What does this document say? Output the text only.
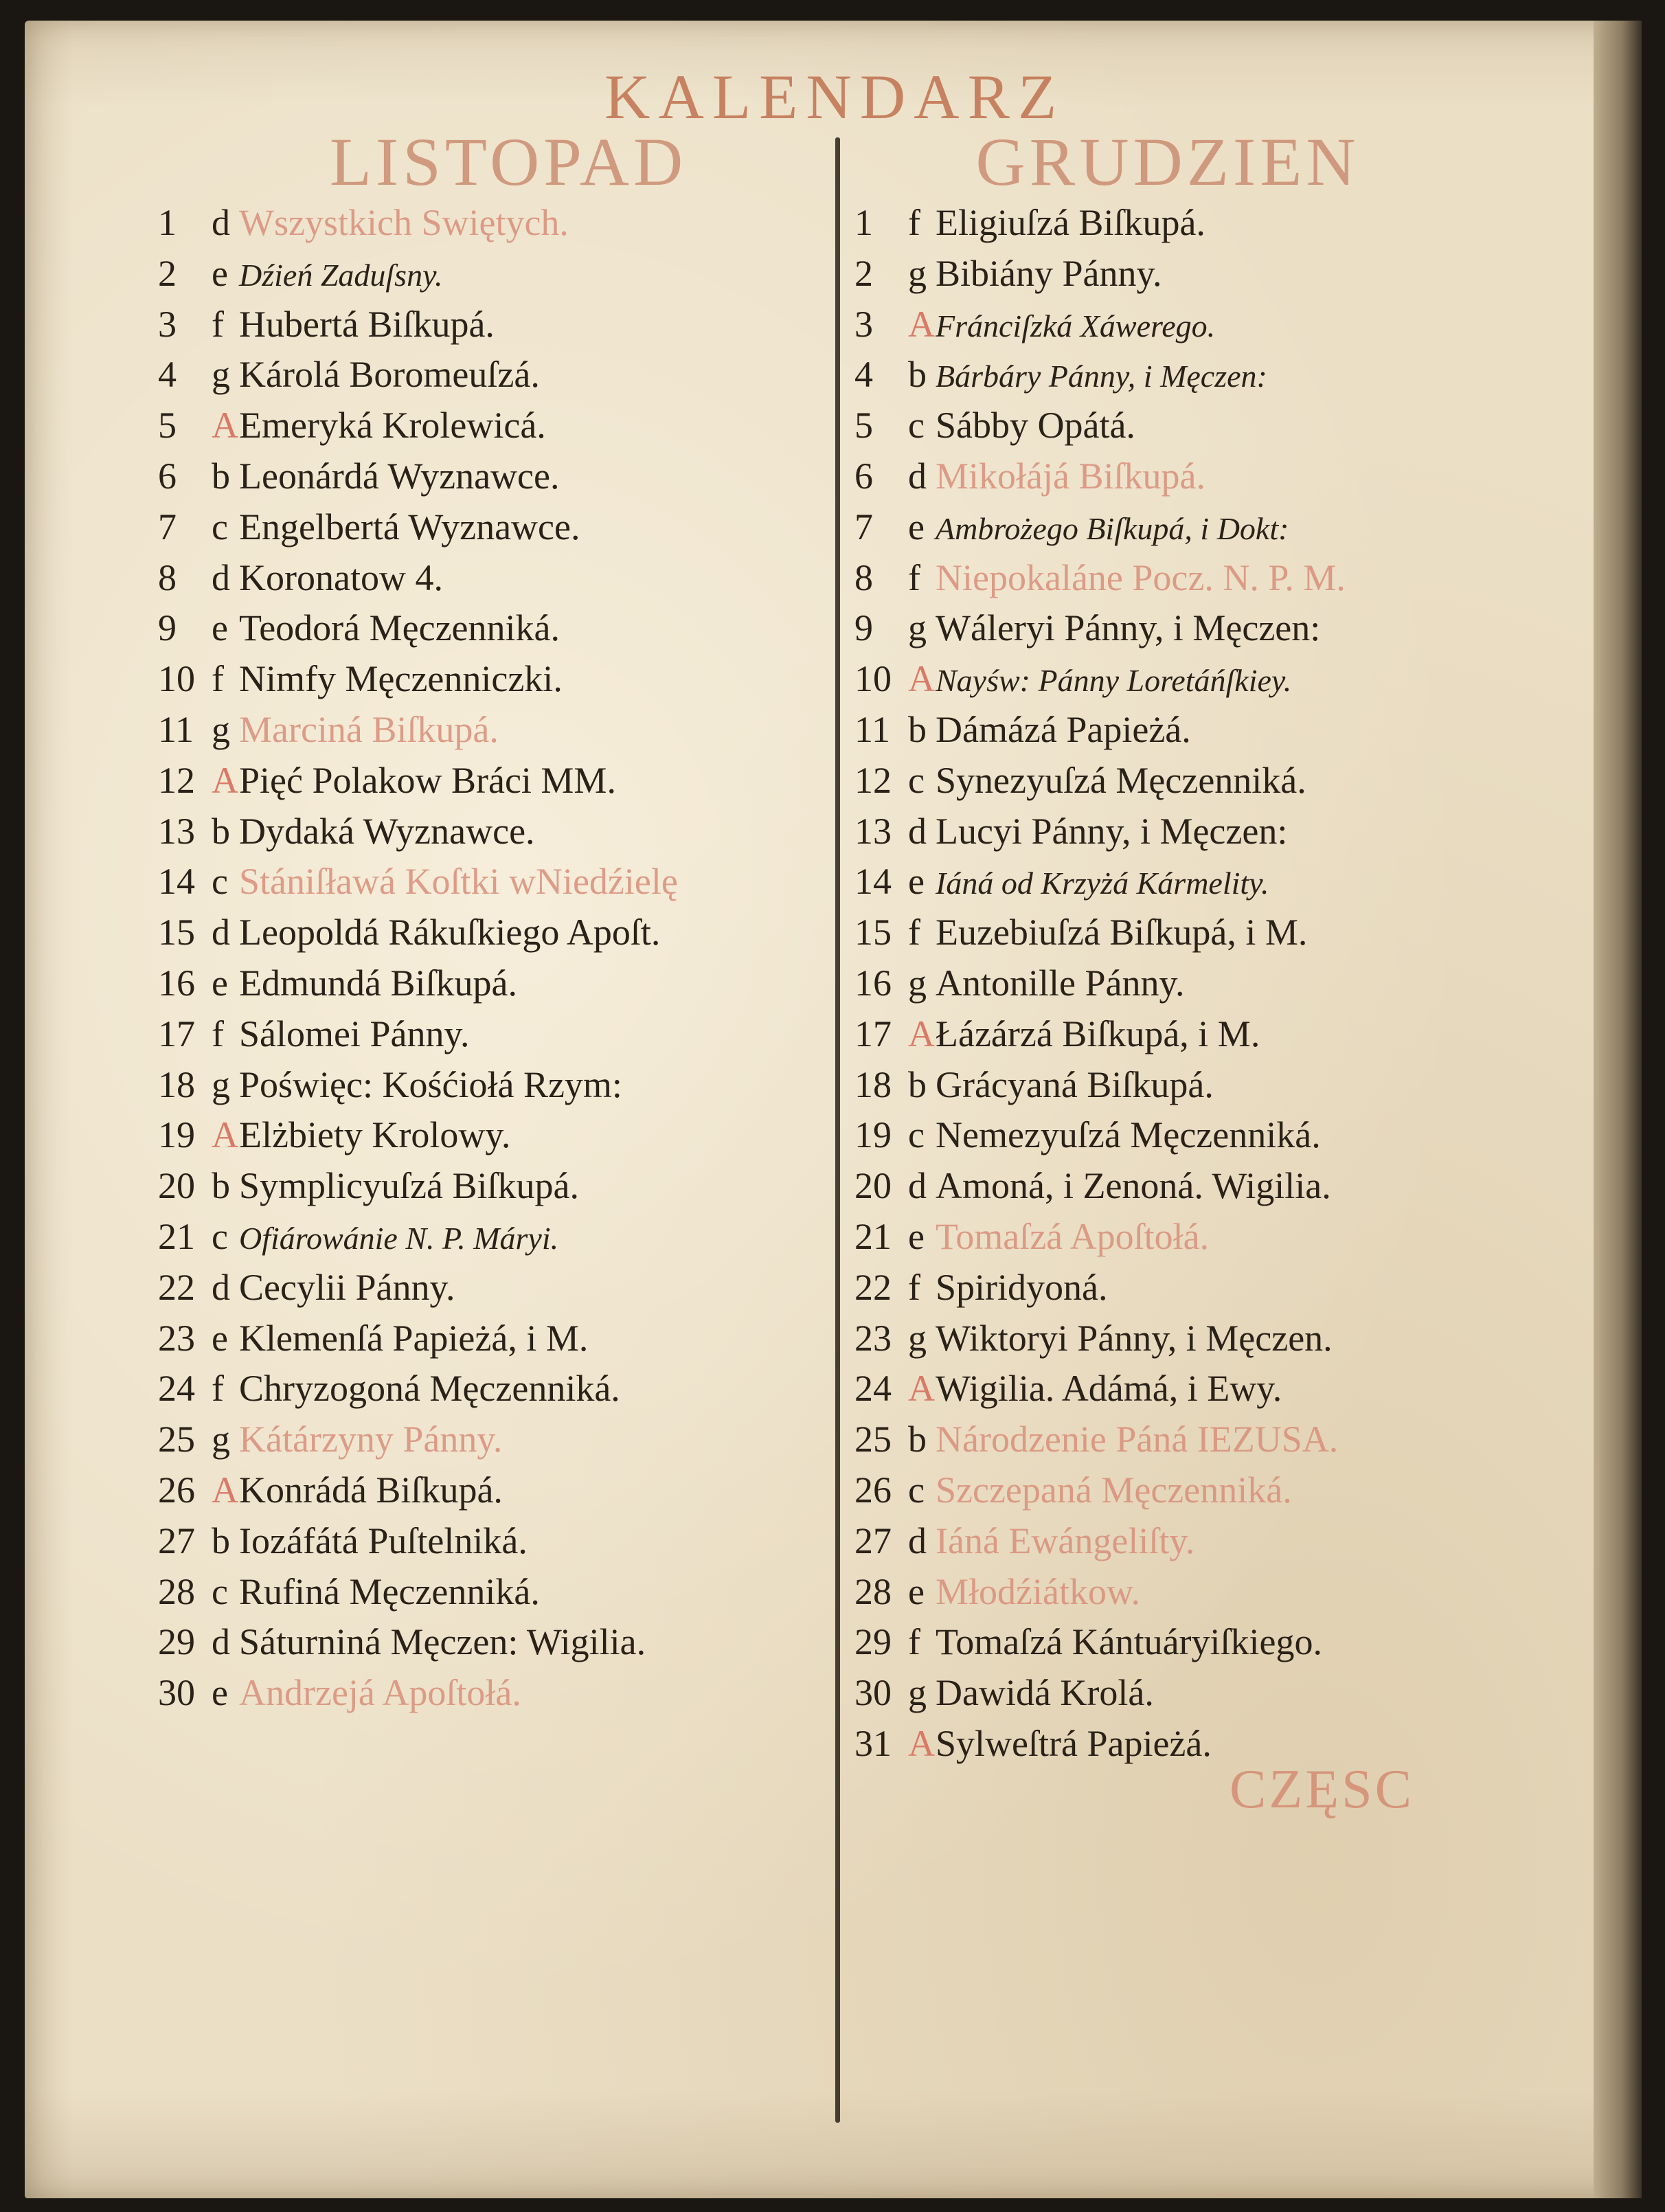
KALENDARZ
LISTOPAD	GRUDZIEN
1 d Wszystkich Swiętych.
2 e Dźień Zaduſsny.
3 f Hubertá Biſkupá.
4 g Károlá Boromeuſzá.
5 AEmeryká Krolewicá.
6 b Leonárdá Wyznawce.
7 c Engelbertá Wyznawce.
8 d Koronatow 4.
9 e Teodorá Męczenniká.
10 f Nimfy Męczenniczki.
11 g Marciná Biſkupá.
12 APięć Polakow Bráci MM.
13 b Dydaká Wyznawce.
14 c Stániſławá Koſtki wNiedźielę
15 d Leopoldá Rákuſkiego Apoſt.
16 e Edmundá Biſkupá.
17 f Sálomei Pánny.
18 g Poświęc: Kośćiołá Rzym:
19 AElżbiety Krolowy.
20 b Symplicyuſzá Biſkupá.
21 c Ofiárowánie N. P. Máryi.
22 d Cecylii Pánny.
23 e Klemenſá Papieżá, i M.
24 f Chryzogoná Męczenniká.
25 g Kátárzyny Pánny.
26 AKonrádá Biſkupá.
27 b Iozáfátá Puſtelniká.
28 c Rufiná Męczenniká.
29 d Sáturniná Męczen: Wigilia.
30 e Andrzejá Apoſtołá.
1 f Eligiuſzá Biſkupá.
2 g Bibiány Pánny.
3 AFránciſzká Xáwerego.
4 b Bárbáry Pánny, i Męczen:
5 c Sábby Opátá.
6 d Mikołájá Biſkupá.
7 e Ambrożego Biſkupá, i Dokt:
8 f Niepokaláne Pocz. N. P. M.
9 g Wáleryi Pánny, i Męczen:
10 ANayśw: Pánny Loretáńſkiey.
11 b Dámázá Papieżá.
12 c Synezyuſzá Męczenniká.
13 d Lucyi Pánny, i Męczen:
14 e Iáná od Krzyżá Kármelity.
15 f Euzebiuſzá Biſkupá, i M.
16 g Antonille Pánny.
17 AŁázárzá Biſkupá, i M.
18 b Grácyaná Biſkupá.
19 c Nemezyuſzá Męczenniká.
20 d Amoná, i Zenoná. Wigilia.
21 e Tomaſzá Apoſtołá.
22 f Spiridyoná.
23 g Wiktoryi Pánny, i Męczen.
24 AWigilia. Adámá, i Ewy.
25 b Národzenie Páná IEZUSA.
26 c Szczepaná Męczenniká.
27 d Iáná Ewángeliſty.
28 e Młodźiátkow.
29 f Tomaſzá Kántuáryiſkiego.
30 g Dawidá Krolá.
31 ASylweſtrá Papieżá.
CZĘSC
